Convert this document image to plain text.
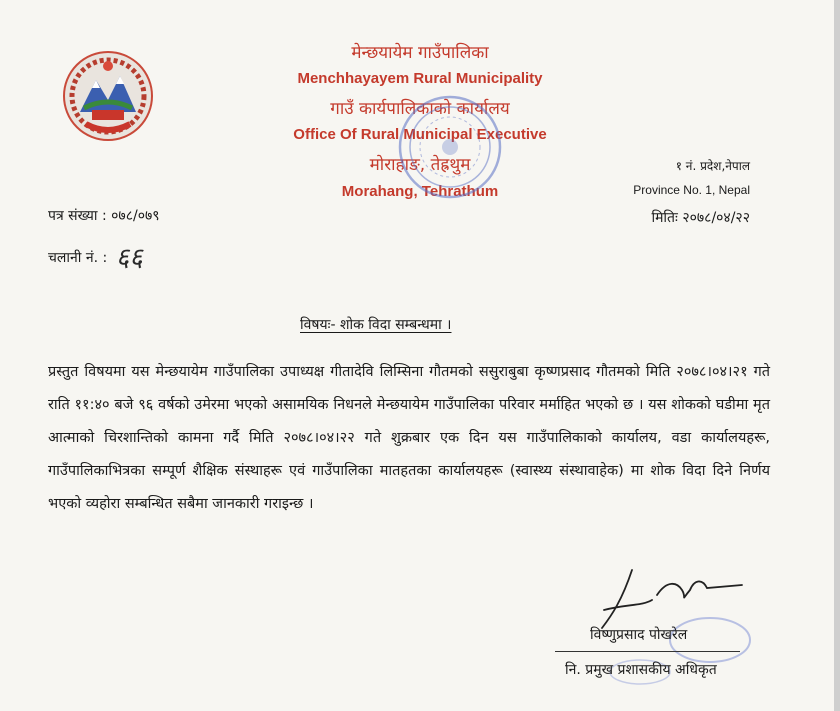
मेन्छयायेम गाउँपालिका
Menchhayayem Rural Municipality
गाउँ कार्यपालिकाको कार्यालय
Office Of Rural Municipal Executive
मोराहाङ, तेह्रथुम
Morahang, Tehrathum
१ नं. प्रदेश,नेपाल
Province No. 1, Nepal
मितिः २०७८/०४/२२
पत्र संख्या : ०७८/०७९
चलानी नं. : ६६
विषयः- शोक विदा सम्बन्धमा ।
प्रस्तुत विषयमा यस मेन्छयायेम गाउँपालिका उपाध्यक्ष गीतादेवि लिम्सिना गौतमको ससुराबुबा कृष्णप्रसाद गौतमको मिति २०७८।०४।२१ गते राति ११:४० बजे ९६ वर्षको उमेरमा भएको असामयिक निधनले मेन्छयायेम गाउँपालिका परिवार मर्माहित भएको छ । यस शोकको घडीमा मृत आत्माको चिरशान्तिको कामना गर्दै मिति २०७८।०४।२२ गते शुक्रबार एक दिन यस गाउँपालिकाको कार्यालय, वडा कार्यालयहरू, गाउँपालिकाभित्रका सम्पूर्ण शैक्षिक संस्थाहरू एवं गाउँपालिका मातहतका कार्यालयहरू (स्वास्थ्य संस्थावाहेक) मा शोक विदा दिने निर्णय भएको व्यहोरा सम्बन्धित सबैमा जानकारी गराइन्छ ।
विष्णुप्रसाद पोखरेल
नि. प्रमुख प्रशासकीय अधिकृत
